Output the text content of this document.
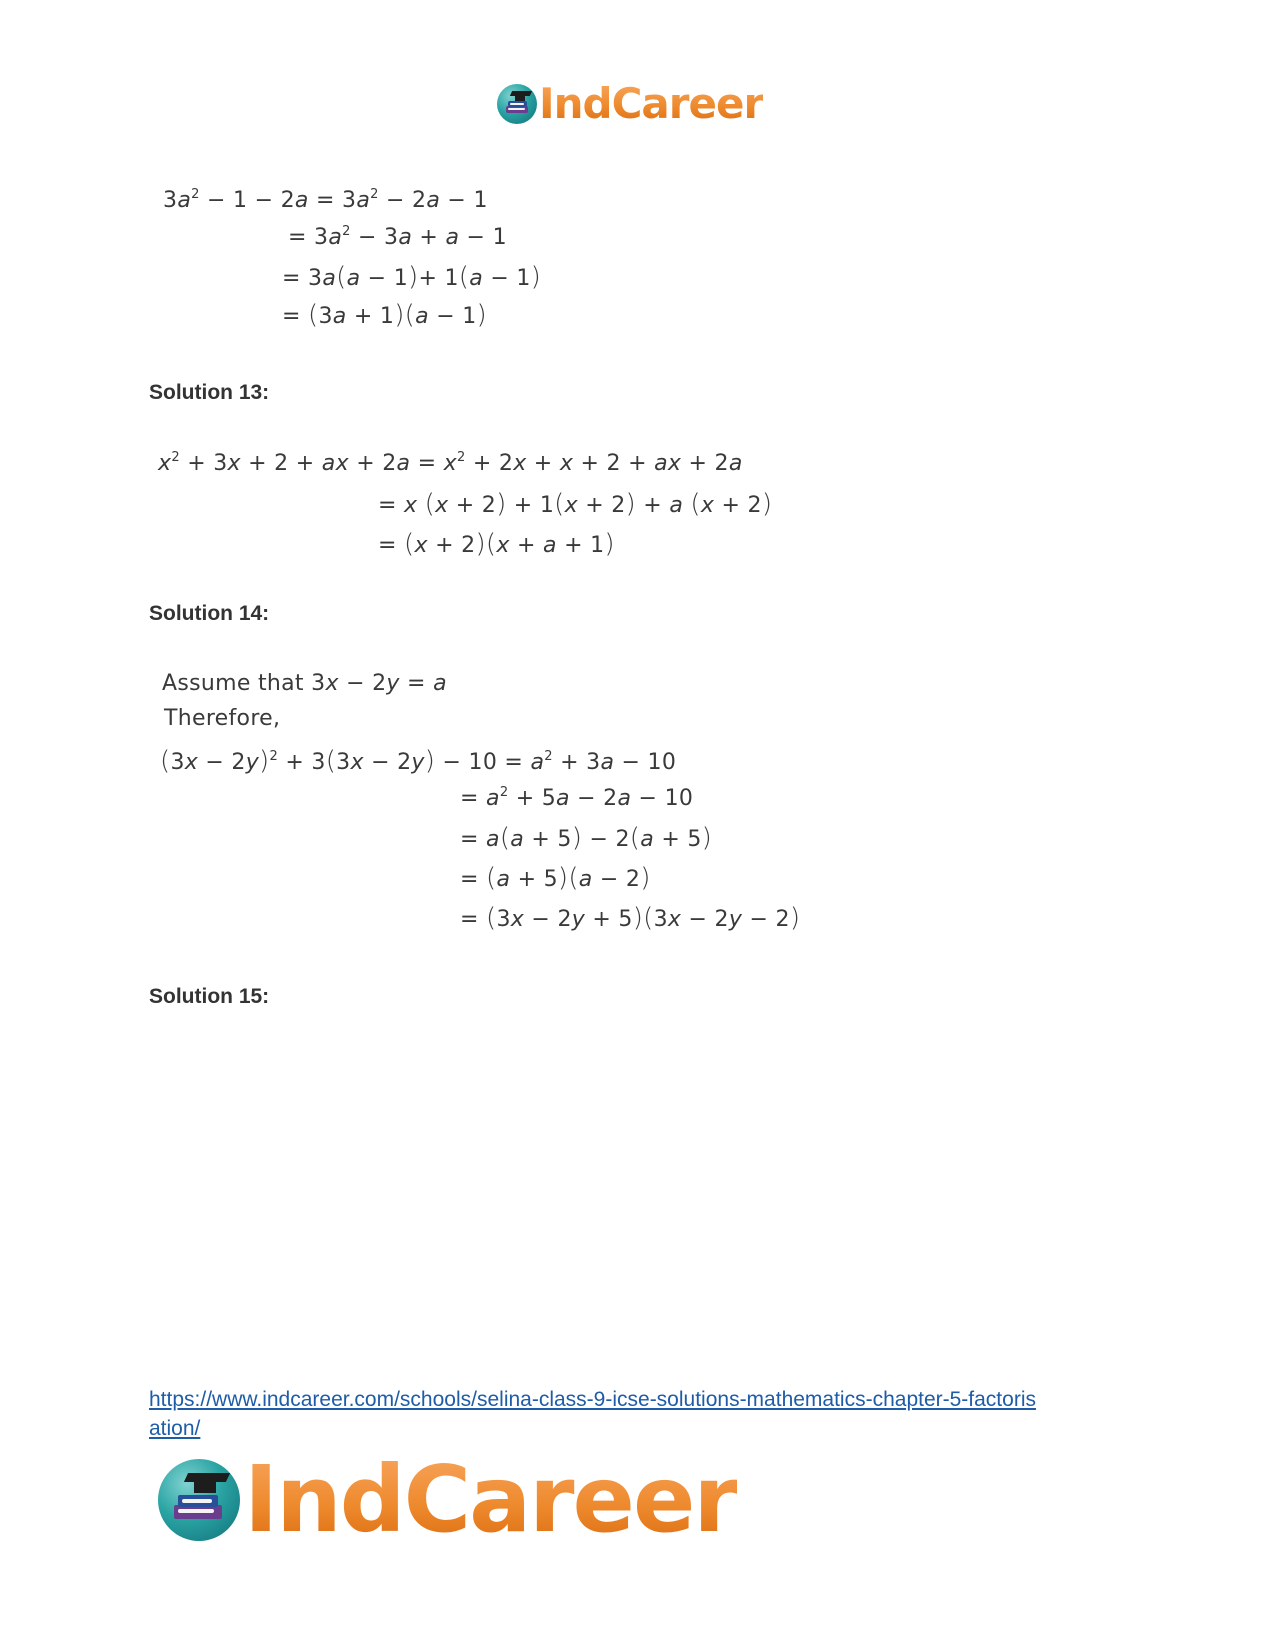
IndCareer
$3a^2 - 1 - 2a = 3a^2 - 2a - 1$
= $3a^2 - 3a + a - 1$
= 3a(a − 1)+ 1(a − 1)
= (3a + 1)(a − 1)
Solution 13:
$x^2 + 3x + 2$ + ax + $2a = x^2 + 2x + x + 2$ + ax + 2a
= x (x + 2) + 1(x + 2) + a (x + 2)
= (x + 2)(x + a + 1)
Solution 14:
Assume that 3x − 2y = a
Therefore,
$(3x - 2y)^2 + 3(3x - 2y) - 10 = a^2 + 3a - 10$
= $a^2 + 5a - 2a - 10$
= a(a + 5) − 2(a + 5)
= (a + 5)(a − 2)
= (3x − 2y + 5)(3x − 2y − 2)
Solution 15:
https://www.indcareer.com/schools/selina-class-9-icse-solutions-mathematics-chapter-5-factoris
ation/
IndCareer
